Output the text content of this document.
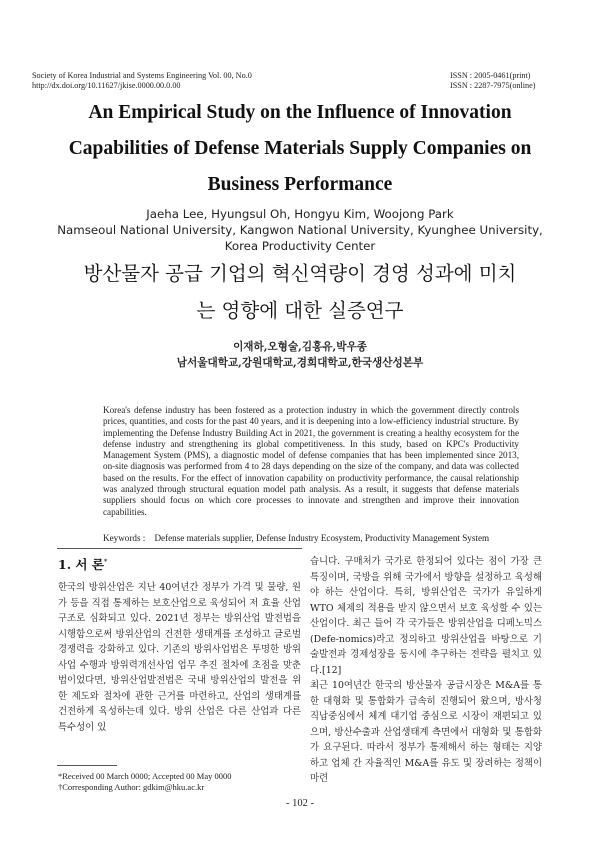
Society of Korea Industrial and Systems Engineering Vol. 00, No.0
http://dx.doi.org/10.11627/jkise.0000.00.0.00
ISSN : 2005-0461(print)
ISSN : 2287-7975(online)
An Empirical Study on the Influence of Innovation
Capabilities of Defense Materials Supply Companies on
Business Performance
Jaeha Lee, Hyungsul Oh, Hongyu Kim, Woojong Park
Namseoul National University, Kangwon National University, Kyunghee University,
Korea Productivity Center
방산물자 공급 기업의 혁신역량이 경영 성과에 미치
는 영향에 대한 실증연구
이재하,오형술,김홍유,박우종
남서울대학교,강원대학교,경희대학교,한국생산성본부

Korea's defense industry has been fostered as a protection industry in which the government directly controls prices, quantities, and costs for the past 40 years, and it is deepening into a low-efficiency industrial structure. By implementing the Defense Industry Building Act in 2021, the government is creating a healthy ecosystem for the defense industry and strengthening its global competitiveness. In this study, based on KPC's Productivity Management System (PMS), a diagnostic model of defense companies that has been implemented since 2013, on-site diagnosis was performed from 4 to 28 days depending on the size of the company, and data was collected based on the results. For the effect of innovation capability on productivity performance, the causal relationship was analyzed through structural equation model path analysis. As a result, it suggests that defense materials suppliers should focus on which core processes to innovate and strengthen and improve their innovation capabilities.

Keywords : Defense materials supplier, Defense Industry Ecosystem, Productivity Management System
1. 서 론*

한국의 방위산업은 지난 40여년간 정부가 가격 및 물량, 원가 등을 직접 통제하는 보호산업으로 육성되어 저 효율 산업구조로 심화되고 있다. 2021년 정부는 방위산업 발전법을 시행함으로써 방위산업의 건전한 생태계를 조성하고 글로벌 경쟁력을 강화하고 있다. 기존의 방위사업법은 투명한 방위사업 수행과 방위력개선사업 업무 추진 절차에 초점을 맞춘 법이었다면, 방위산업발전법은 국내 방위산업의 발전을 위한 제도와 절차에 관한 근거를 마련하고, 산업의 생태계를 건전하게 육성하는데 있다. 방위 산업은 다른 산업과 다른 특수성이 있

*Received 00 March 0000; Accepted 00 May 0000
†Corresponding Author: gdkim@hku.ac.kr

습니다. 구매처가 국가로 한정되어 있다는 점이 가장 큰 특징이며, 국방을 위해 국가에서 방향을 설정하고 육성해야 하는 산업이다. 특히, 방위산업은 국가가 유일하게 WTO 체제의 적용을 받지 않으면서 보호 육성할 수 있는 산업이다. 최근 들어 각 국가들은 방위산업을 디페노믹스(Defe-nomics)라고 정의하고 방위산업을 바탕으로 기술발전과 경제성장을 동시에 추구하는 전략을 펼치고 있다.[12]

최근 10여년간 한국의 방산물자 공급시장은 M&A를 통한 대형화 및 통합화가 급속히 진행되어 왔으며, 방사청 직납중심에서 체계 대기업 중심으로 시장이 재편되고 있으며, 방산수출과 산업생태계 측면에서 대형화 및 통합화가 요구된다. 따라서 정부가 통제해서 하는 형태는 지양하고 업체 간 자율적인 M&A를 유도 및 장려하는 정책이 마련

- 102 -
